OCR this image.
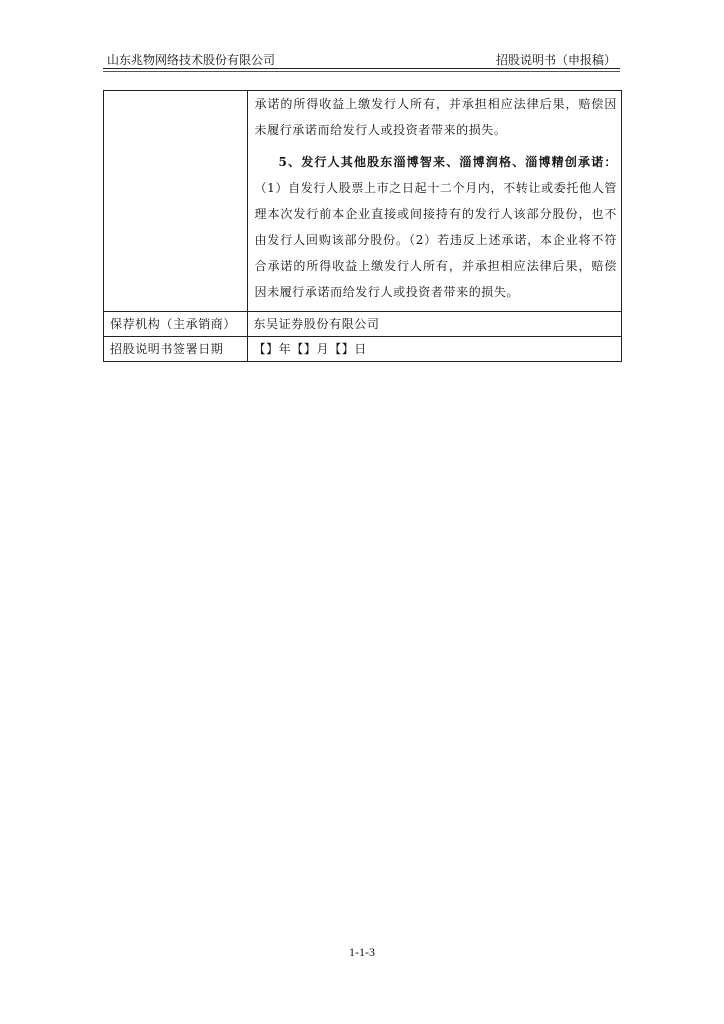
山东兆物网络技术股份有限公司	招股说明书（申报稿）

	承诺的所得收益上缴发行人所有，并承担相应法律后果，赔偿因未履行承诺而给发行人或投资者带来的损失。
5、发行人其他股东淄博智来、淄博润格、淄博精创承诺：（1）自发行人股票上市之日起十二个月内，不转让或委托他人管理本次发行前本企业直接或间接持有的发行人该部分股份，也不由发行人回购该部分股份。（2）若违反上述承诺，本企业将不符合承诺的所得收益上缴发行人所有，并承担相应法律后果，赔偿因未履行承诺而给发行人或投资者带来的损失。

保荐机构（主承销商）	东吴证券股份有限公司

招股说明书签署日期	【】年【】月【】日
1-1-3
